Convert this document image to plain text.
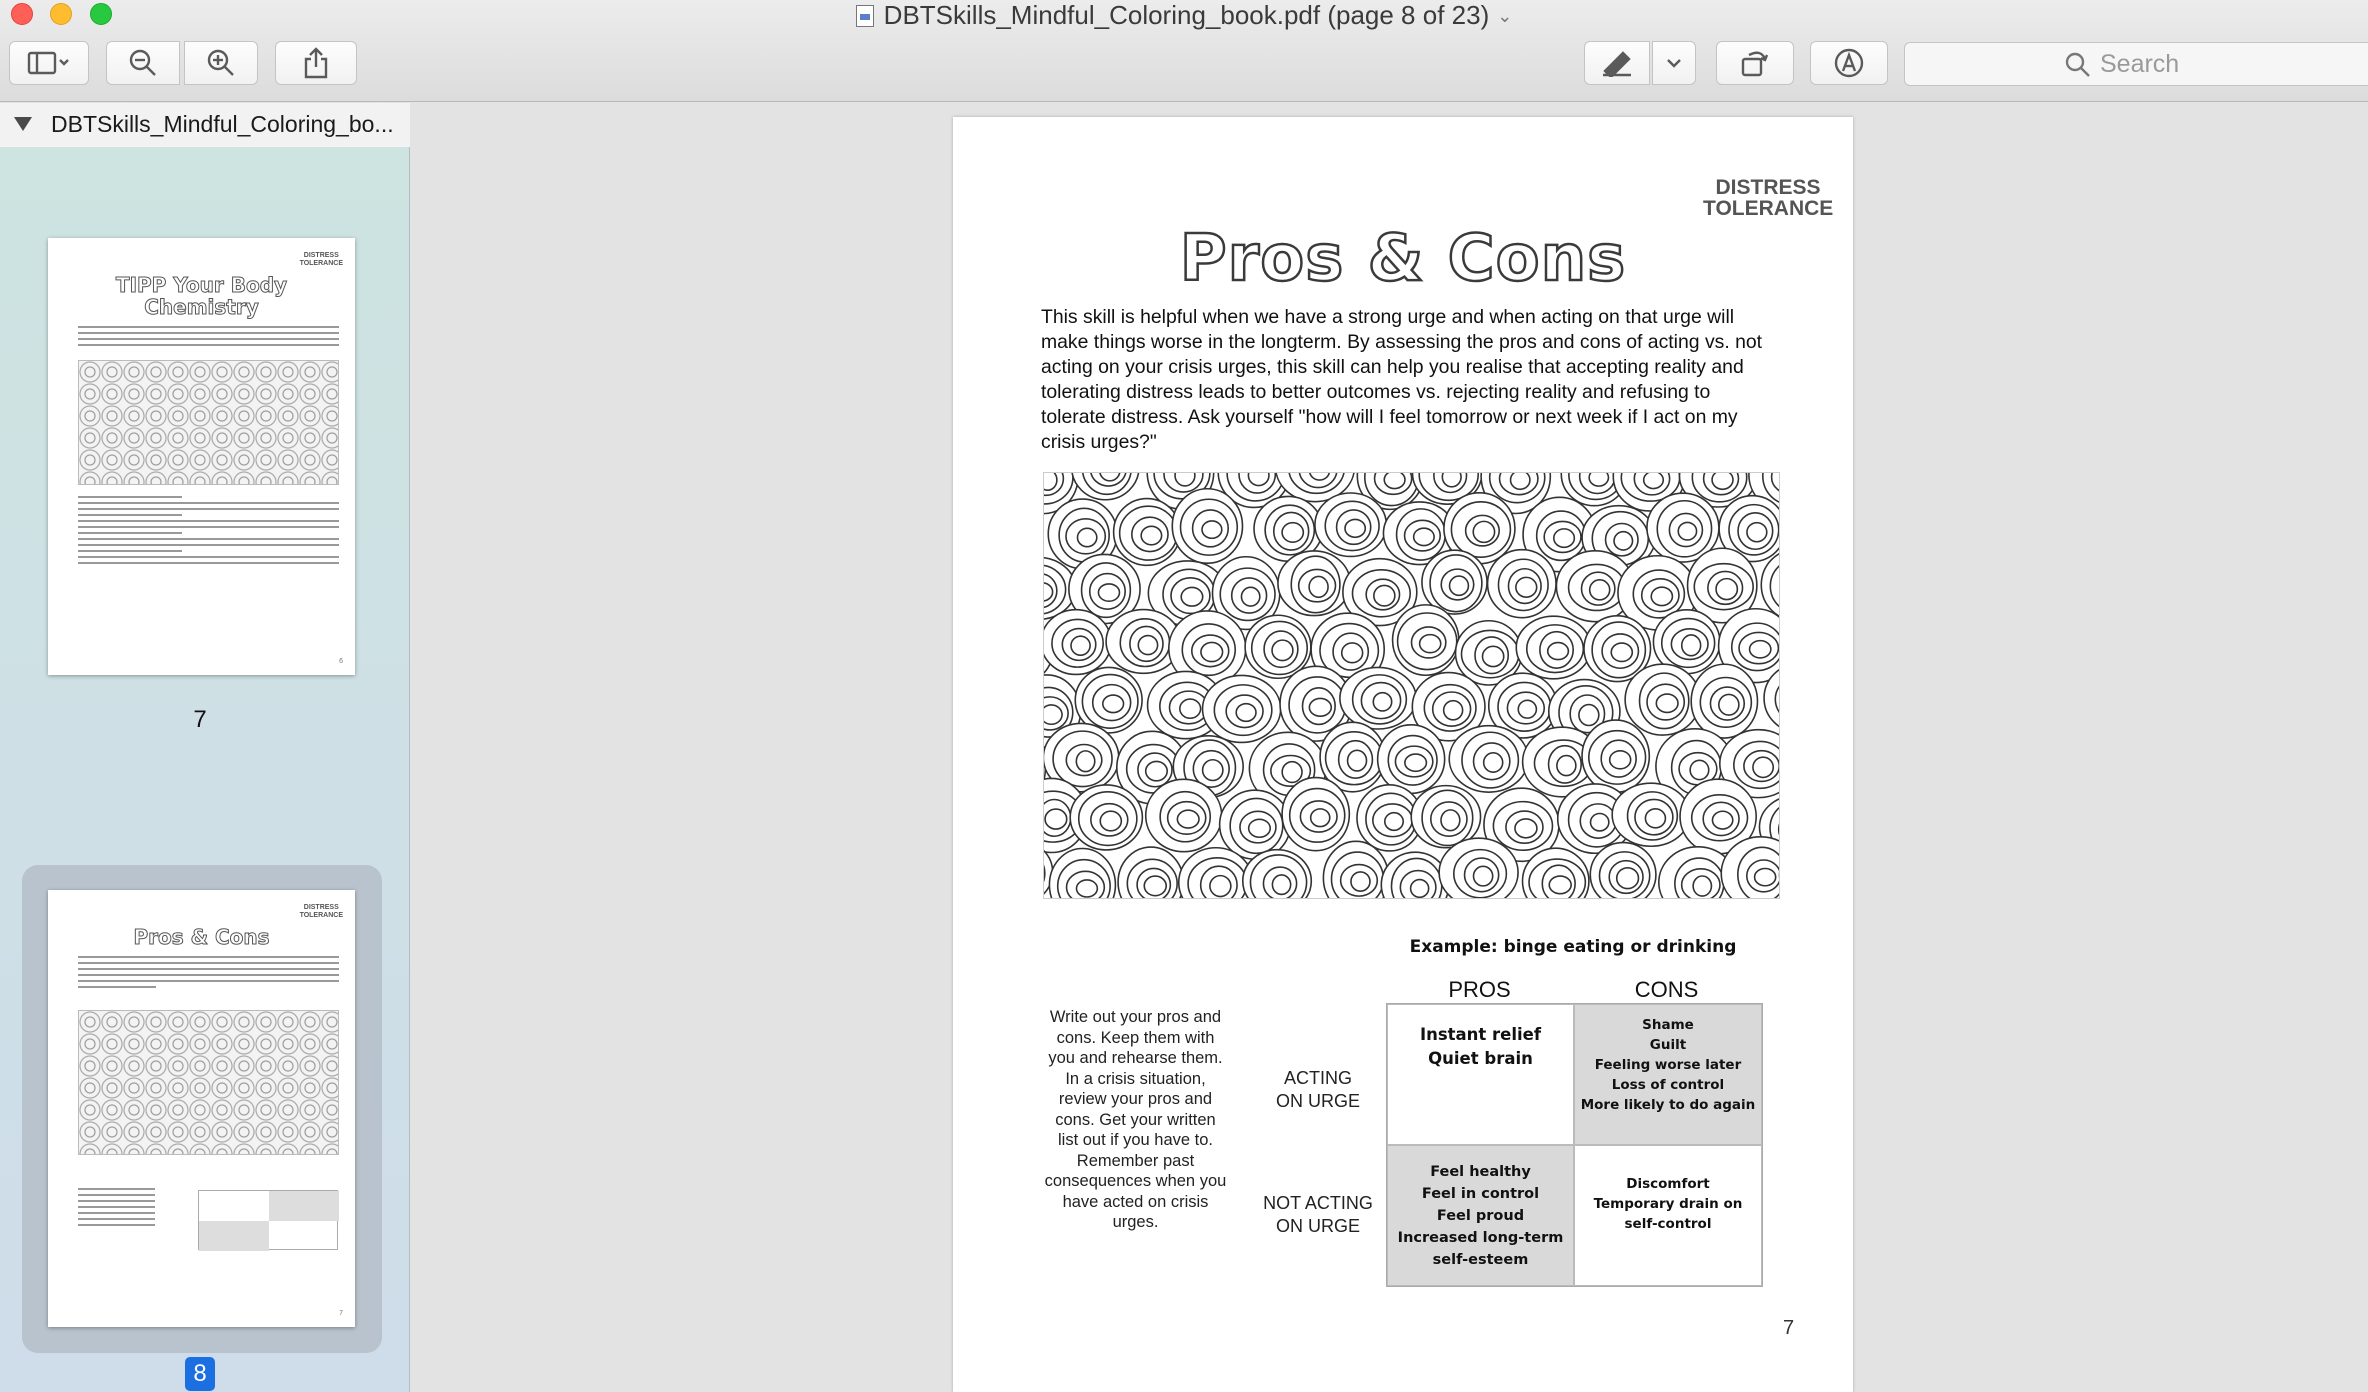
DBTSkills_Mindful_Coloring_book.pdf (page 8 of 23) ⌄
Search
DBTSkills_Mindful_Coloring_bo...
DISTRESS
TOLERANCE
TIPP Your Body
Chemistry
6
7
DISTRESS
TOLERANCE
Pros & Cons
7
8
DISTRESS
TOLERANCE
Pros & Cons
This skill is helpful when we have a strong urge and when acting on that urge will make things worse in the longterm. By assessing the pros and cons of acting vs. not acting on your crisis urges, this skill can help you realise that accepting reality and tolerating distress leads to better outcomes vs. rejecting reality and refusing to tolerate distress. Ask yourself "how will I feel tomorrow or next week if I act on my crisis urges?"
Example: binge eating or drinking
PROS	CONS
ACTING
ON URGE
NOT ACTING
ON URGE
Write out your pros and cons. Keep them with you and rehearse them. In a crisis situation, review your pros and cons. Get your written list out if you have to. Remember past consequences when you have acted on crisis urges.
Instant relief
Quiet brain
Shame
Guilt
Feeling worse later
Loss of control
More likely to do again
Feel healthy
Feel in control
Feel proud
Increased long-term
self-esteem
Discomfort
Temporary drain on
self-control
7
